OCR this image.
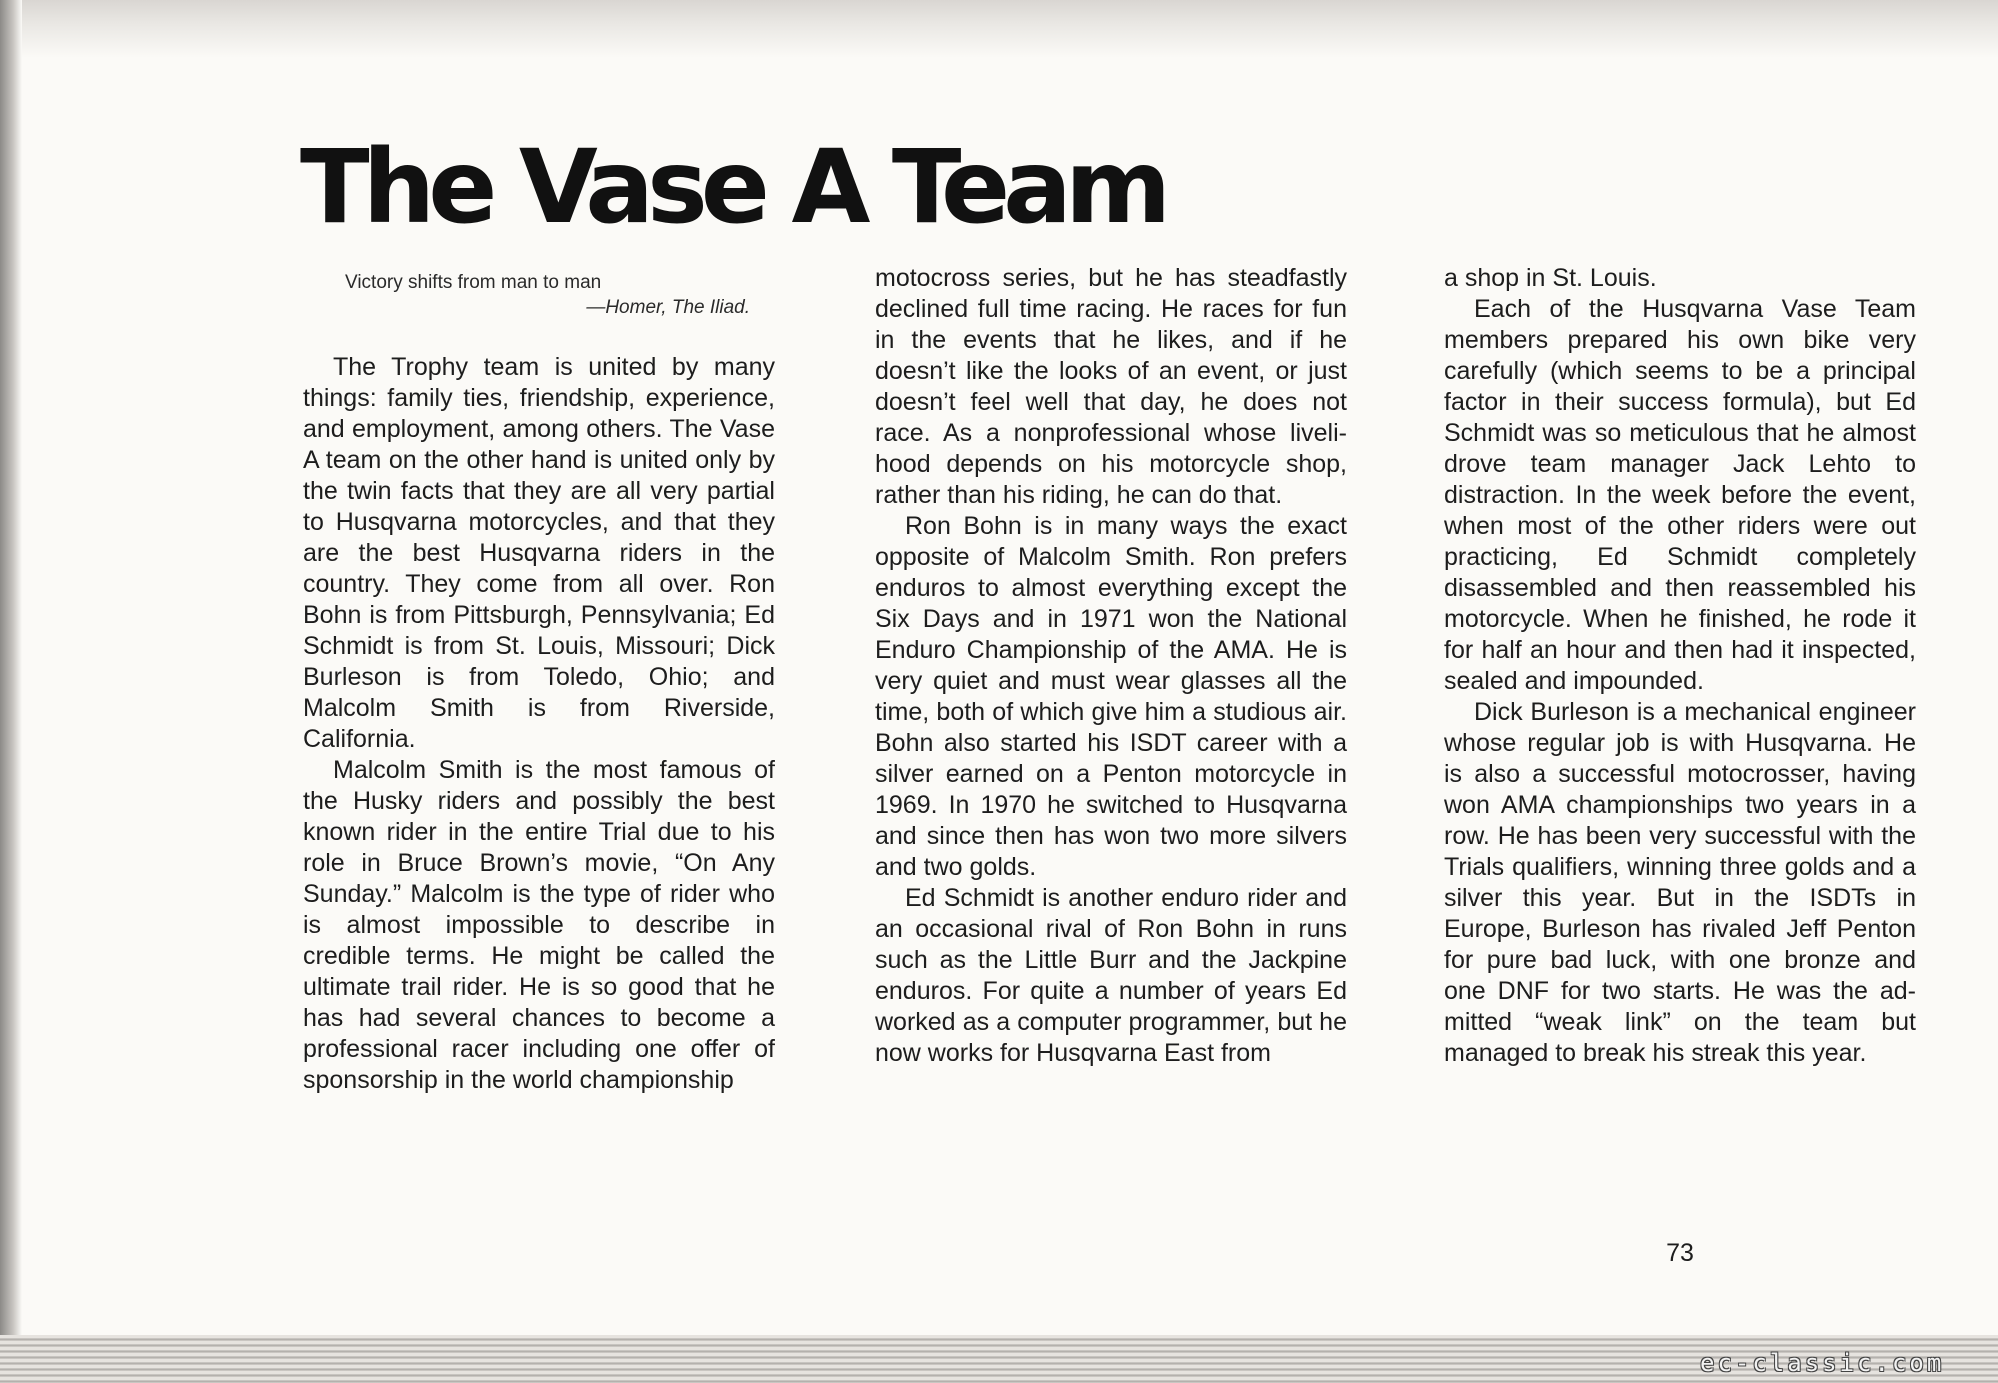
The Vase A Team
Victory shifts from man to man
—Homer, The Iliad.

The Trophy team is united by many things: family ties, friendship, experience, and employment, among others. The Vase A team on the other hand is united only by the twin facts that they are all very partial to Husqvarna motorcycles, and that they are the best Husqvarna riders in the country. They come from all over. Ron Bohn is from Pittsburgh, Pennsylvania; Ed Schmidt is from St. Louis, Missouri; Dick Burleson is from Toledo, Ohio; and Malcolm Smith is from Riverside, California.

Malcolm Smith is the most famous of the Husky riders and possibly the best known rider in the entire Trial due to his role in Bruce Brown’s movie, “On Any Sunday.” Malcolm is the type of rider who is almost impossible to describe in credible terms. He might be called the ultimate trail rider. He is so good that he has had several chances to become a professional racer including one offer of sponsorship in the world championship

motocross series, but he has steadfastly declined full time racing. He races for fun in the events that he likes, and if he doesn’t like the looks of an event, or just doesn’t feel well that day, he does not race. As a nonprofessional whose livelihood depends on his motorcycle shop, rather than his riding, he can do that.

Ron Bohn is in many ways the exact opposite of Malcolm Smith. Ron prefers enduros to almost everything except the Six Days and in 1971 won the National Enduro Championship of the AMA. He is very quiet and must wear glasses all the time, both of which give him a studious air. Bohn also started his ISDT career with a silver earned on a Penton motorcycle in 1969. In 1970 he switched to Husqvarna and since then has won two more silvers and two golds.

Ed Schmidt is another enduro rider and an occasional rival of Ron Bohn in runs such as the Little Burr and the Jackpine enduros. For quite a number of years Ed worked as a computer programmer, but he now works for Husqvarna East from

a shop in St. Louis.

Each of the Husqvarna Vase Team members prepared his own bike very carefully (which seems to be a principal factor in their success formula), but Ed Schmidt was so meticulous that he almost drove team manager Jack Lehto to distraction. In the week before the event, when most of the other riders were out practicing, Ed Schmidt completely disassembled and then reassembled his motorcycle. When he finished, he rode it for half an hour and then had it inspected, sealed and impounded.

Dick Burleson is a mechanical engineer whose regular job is with Husqvarna. He is also a successful motocrosser, having won AMA championships two years in a row. He has been very successful with the Trials qualifiers, winning three golds and a silver this year. But in the ISDTs in Europe, Burleson has rivaled Jeff Penton for pure bad luck, with one bronze and one DNF for two starts. He was the admitted “weak link” on the team but managed to break his streak this year.

73
ec-classic.com
